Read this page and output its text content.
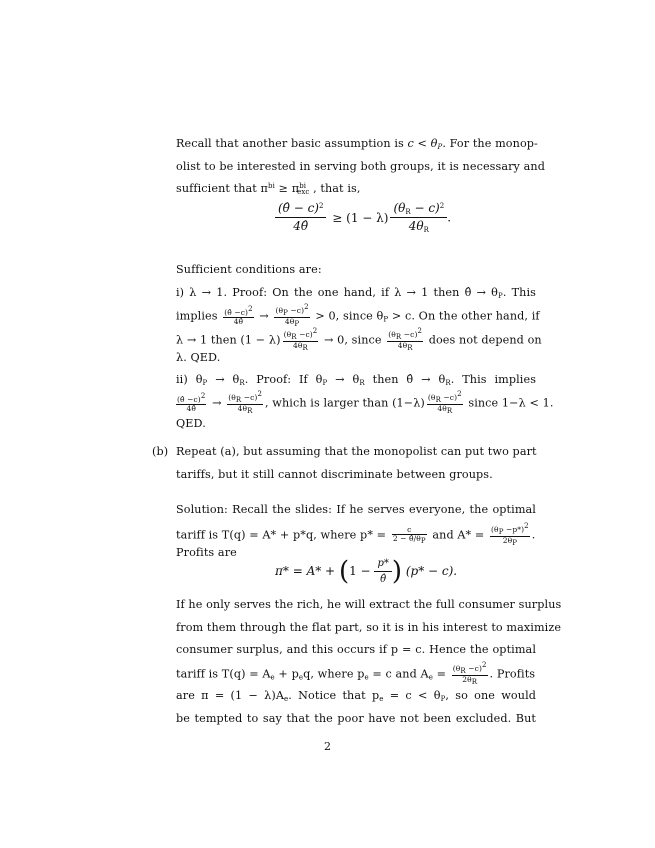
Recall that another basic assumption is $c < \theta_P$. For the monop-
olist to be interested in serving both groups, it is necessary and
sufficient that $\pi^{bi} \ge \pi^{bi}_{exc}$ , that is,
$\frac{(\thetâ - c)^2}{4\thetâ} \ge (1 - \lambda) \frac{(\theta_R - c)^2}{4\theta_R}$ .
Sufficient conditions are:
i) λ → 1. Proof: On the one hand, if λ → 1 then θ̂ → $\theta_P$. This
implies $\frac{(\thetâ -c)2}{4\thetâ} \to \frac{(\theta P -c)2}{4\theta P} > 0$, since $\theta_P > c$. On the other hand, if
λ → 1 then $(1 - \lambda) \frac{(\theta R -c)2}{4\theta R} \to 0$, since $\frac{(\theta R -c)2}{4\theta R}$ does not depend on
λ. QED.
ii) $\theta_P \to \theta_R$. Proof: If $\theta_P \to \theta_R$ then θ̂ → $\theta_R$. This implies
$\frac{(\thetâ -c)2}{4\thetâ} \to \frac{(\theta R -c)2}{4\theta R}$ , which is larger than $(1-\lambda) \frac{(\theta R -c)2}{4\theta R}$ since 1−λ < 1.
QED.
(b) Repeat (a), but assuming that the monopolist can put two part
tariffs, but it still cannot discriminate between groups.
Solution: Recall the slides: If he serves everyone, the optimal
tariff is T(q) = A* + p*q, where $p* = \frac{c}{2 - \thetâ/\theta P}$ and $A* = \frac{(\theta P -p*)2}{2\theta P}$ .
Profits are
$\pi* = A* + (1 - \frac{p*}{\thetâ}$ ) (p* − c).
If he only serves the rich, he will extract the full consumer surplus
from them through the flat part, so it is in his interest to maximize
consumer surplus, and this occurs if p = c. Hence the optimal
tariff is $T(q) = A_e + p_eq$, where $p_e = c$ and $A_e = \frac{(\theta R -c)2}{2\theta R}$ . Profits
are $\pi = (1 - \lambda)A_e$. Notice that $p_e = c < \theta_P$, so one would
be tempted to say that the poor have not been excluded. But
2
